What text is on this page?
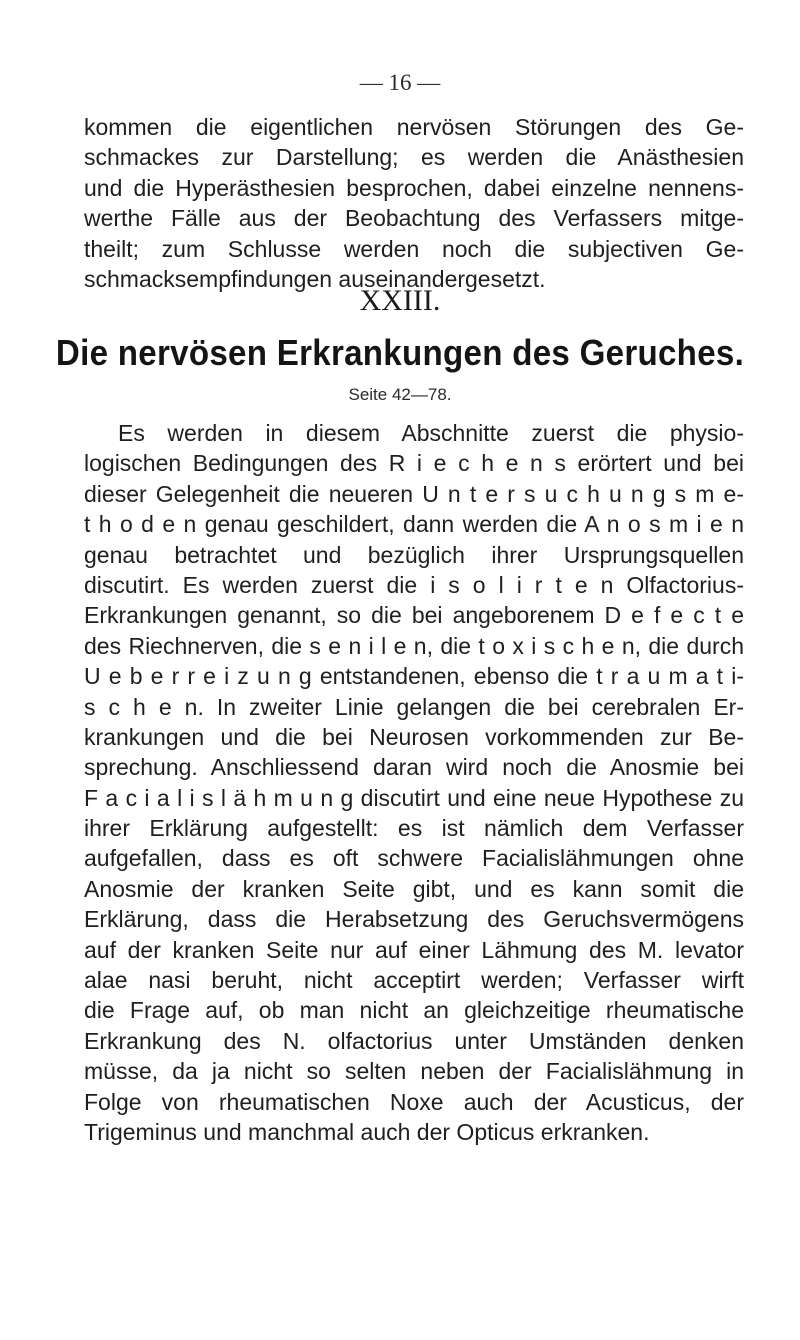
— 16 —
kommen die eigentlichen nervösen Störungen des Ge-
schmackes zur Darstellung; es werden die Anästhesien
und die Hyperästhesien besprochen, dabei einzelne nennens-
werthe Fälle aus der Beobachtung des Verfassers mitge-
theilt; zum Schlusse werden noch die subjectiven Ge-
schmacksempfindungen auseinandergesetzt.
XXIII.
Die nervösen Erkrankungen des Geruches.
Seite 42—78.
Es werden in diesem Abschnitte zuerst die physio-
logischen Bedingungen des R i e c h e n s erörtert und bei
dieser Gelegenheit die neueren U n t e r s u c h u n g s m e-
t h o d e n genau geschildert, dann werden die A n o s m i e n
genau betrachtet und bezüglich ihrer Ursprungsquellen
discutirt. Es werden zuerst die i s o l i r t e n Olfactorius-
Erkrankungen genannt, so die bei angeborenem D e f e c t e
des Riechnerven, die s e n i l e n, die t o x i s c h e n, die durch
U e b e r r e i z u n g entstandenen, ebenso die t r a u m a t i-
s c h e n. In zweiter Linie gelangen die bei cerebralen Er-
krankungen und die bei Neurosen vorkommenden zur Be-
sprechung. Anschliessend daran wird noch die Anosmie bei
F a c i a l i s l ä h m u n g discutirt und eine neue Hypothese zu
ihrer Erklärung aufgestellt: es ist nämlich dem Verfasser
aufgefallen, dass es oft schwere Facialislähmungen ohne
Anosmie der kranken Seite gibt, und es kann somit die
Erklärung, dass die Herabsetzung des Geruchsvermögens
auf der kranken Seite nur auf einer Lähmung des M. levator
alae nasi beruht, nicht acceptirt werden; Verfasser wirft
die Frage auf, ob man nicht an gleichzeitige rheumatische
Erkrankung des N. olfactorius unter Umständen denken
müsse, da ja nicht so selten neben der Facialislähmung in
Folge von rheumatischen Noxe auch der Acusticus, der
Trigeminus und manchmal auch der Opticus erkranken.
